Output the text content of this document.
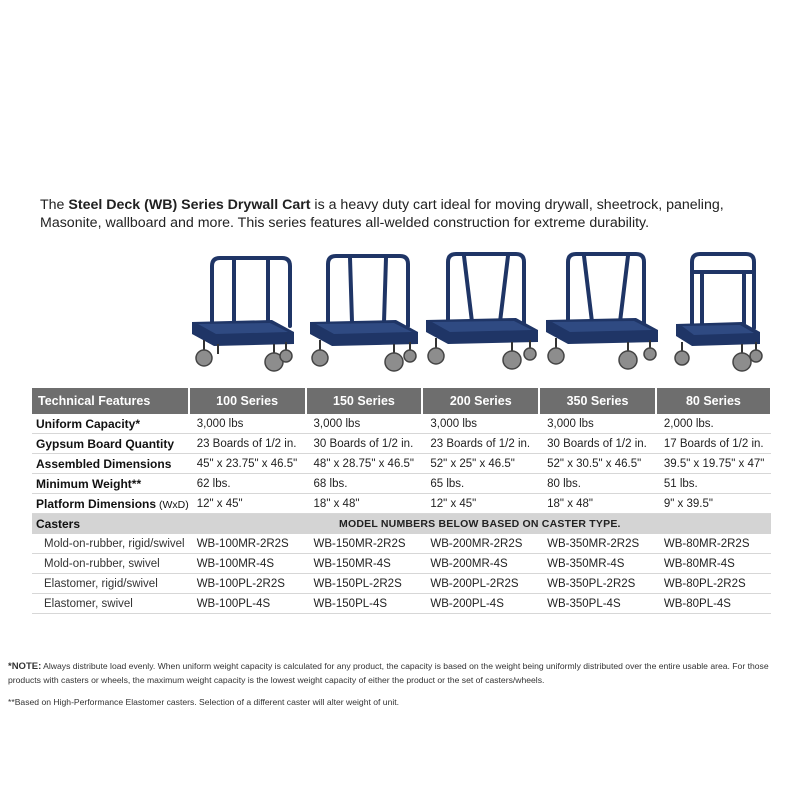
The Steel Deck (WB) Series Drywall Cart is a heavy duty cart ideal for moving drywall, sheetrock, paneling, Masonite, wallboard and more. This series features all-welded construction for extreme durability.
Technical Features	100 Series	150 Series	200 Series	350 Series	80 Series
Uniform Capacity*	3,000 lbs	3,000 lbs	3,000 lbs	3,000 lbs	2,000 lbs.
Gypsum Board Quantity	23 Boards of 1/2 in.	30 Boards of 1/2 in.	23 Boards of 1/2 in.	30 Boards of 1/2 in.	17 Boards of 1/2 in.
Assembled Dimensions	45" x 23.75" x 46.5"	48" x 28.75" x 46.5"	52" x 25" x 46.5"	52" x 30.5" x 46.5"	39.5" x 19.75" x 47"
Minimum Weight**	62 lbs.	68 lbs.	65 lbs.	80 lbs.	51 lbs.
Platform Dimensions (WxD)	12" x 45"	18" x 48"	12" x 45"	18" x 48"	9" x 39.5"
Casters	MODEL NUMBERS BELOW BASED ON CASTER TYPE.				
Mold-on-rubber, rigid/swivel	WB-100MR-2R2S	WB-150MR-2R2S	WB-200MR-2R2S	WB-350MR-2R2S	WB-80MR-2R2S
Mold-on-rubber, swivel	WB-100MR-4S	WB-150MR-4S	WB-200MR-4S	WB-350MR-4S	WB-80MR-4S
Elastomer, rigid/swivel	WB-100PL-2R2S	WB-150PL-2R2S	WB-200PL-2R2S	WB-350PL-2R2S	WB-80PL-2R2S
Elastomer, swivel	WB-100PL-4S	WB-150PL-4S	WB-200PL-4S	WB-350PL-4S	WB-80PL-4S

*NOTE: Always distribute load evenly. When uniform weight capacity is calculated for any product, the capacity is based on the weight being uniformly distributed over the entire usable area. For those products with casters or wheels, the maximum weight capacity is the lowest weight capacity of either the product or the set of casters/wheels.

**Based on High-Performance Elastomer casters. Selection of a different caster will alter weight of unit.
